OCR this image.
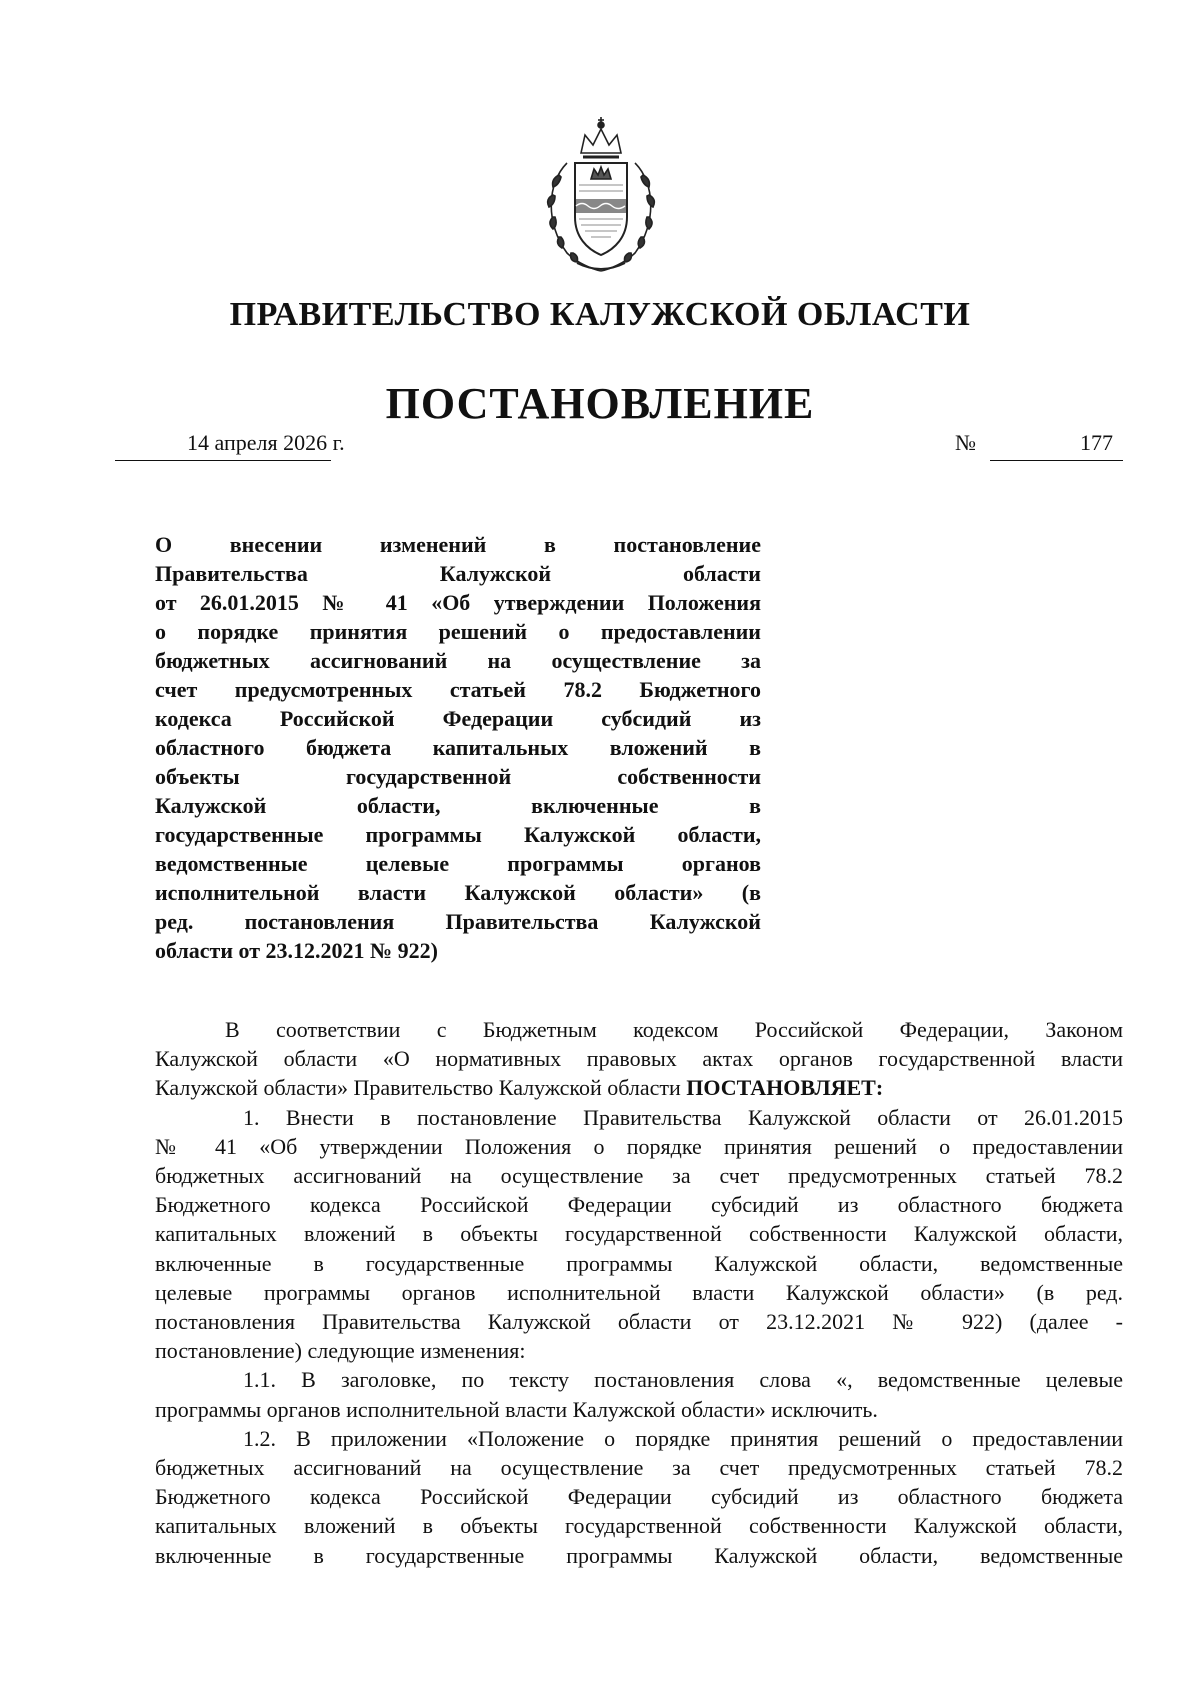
ПРАВИТЕЛЬСТВО КАЛУЖСКОЙ ОБЛАСТИ
ПОСТАНОВЛЕНИЕ
14 апреля 2026 г.	№	177
О внесении изменений в постановление
Правительства Калужской области
от 26.01.2015 № 41 «Об утверждении Положения
о порядке принятия решений о предоставлении
бюджетных ассигнований на осуществление за
счет предусмотренных статьей 78.2 Бюджетного
кодекса Российской Федерации субсидий из
областного бюджета капитальных вложений в
объекты государственной собственности
Калужской области, включенные в
государственные программы Калужской области,
ведомственные целевые программы органов
исполнительной власти Калужской области» (в
ред. постановления Правительства Калужской
области от 23.12.2021 № 922)
В соответствии с Бюджетным кодексом Российской Федерации, Законом
Калужской области «О нормативных правовых актах органов государственной власти
Калужской области» Правительство Калужской области ПОСТАНОВЛЯЕТ:
1. Внести в постановление Правительства Калужской области от 26.01.2015
№ 41 «Об утверждении Положения о порядке принятия решений о предоставлении
бюджетных ассигнований на осуществление за счет предусмотренных статьей 78.2
Бюджетного кодекса Российской Федерации субсидий из областного бюджета
капитальных вложений в объекты государственной собственности Калужской области,
включенные в государственные программы Калужской области, ведомственные
целевые программы органов исполнительной власти Калужской области» (в ред.
постановления Правительства Калужской области от 23.12.2021 № 922) (далее -
постановление) следующие изменения:
1.1. В заголовке, по тексту постановления слова «, ведомственные целевые
программы органов исполнительной власти Калужской области» исключить.
1.2. В приложении «Положение о порядке принятия решений о предоставлении
бюджетных ассигнований на осуществление за счет предусмотренных статьей 78.2
Бюджетного кодекса Российской Федерации субсидий из областного бюджета
капитальных вложений в объекты государственной собственности Калужской области,
включенные в государственные программы Калужской области, ведомственные
